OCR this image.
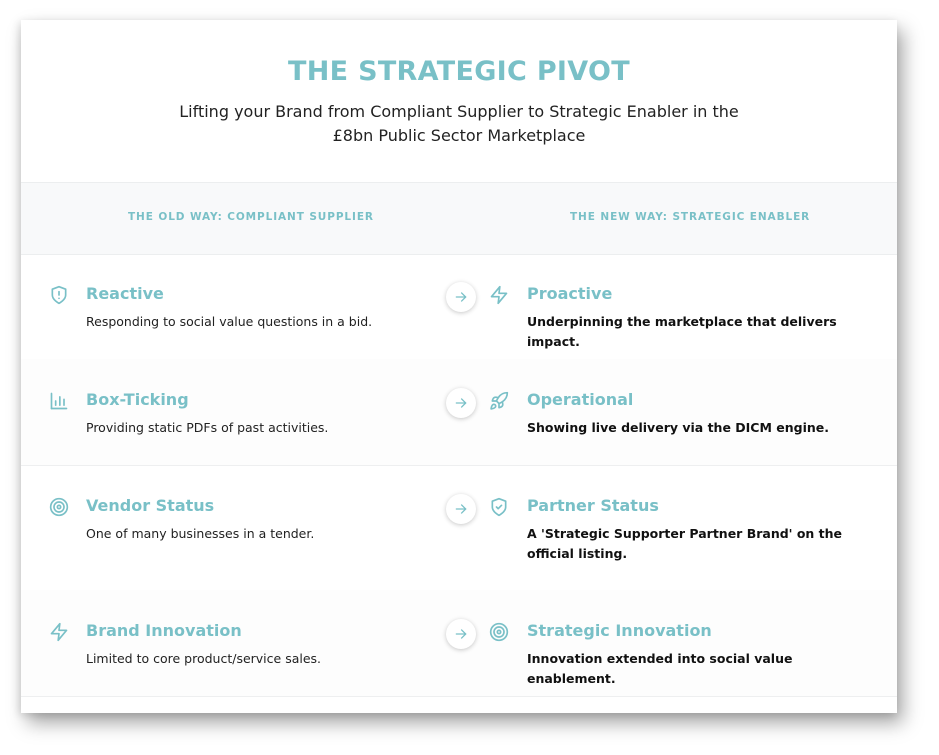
THE STRATEGIC PIVOT
Lifting your Brand from Compliant Supplier to Strategic Enabler in the £8bn Public Sector Marketplace
THE OLD WAY: COMPLIANT SUPPLIER	THE NEW WAY: STRATEGIC ENABLER
Reactive
Responding to social value questions in a bid.
Proactive
Underpinning the marketplace that delivers impact.
Box-Ticking
Providing static PDFs of past activities.
Operational
Showing live delivery via the DICM engine.
Vendor Status
One of many businesses in a tender.
Partner Status
A 'Strategic Supporter Partner Brand' on the official listing.
Brand Innovation
Limited to core product/service sales.
Strategic Innovation
Innovation extended into social value enablement.
